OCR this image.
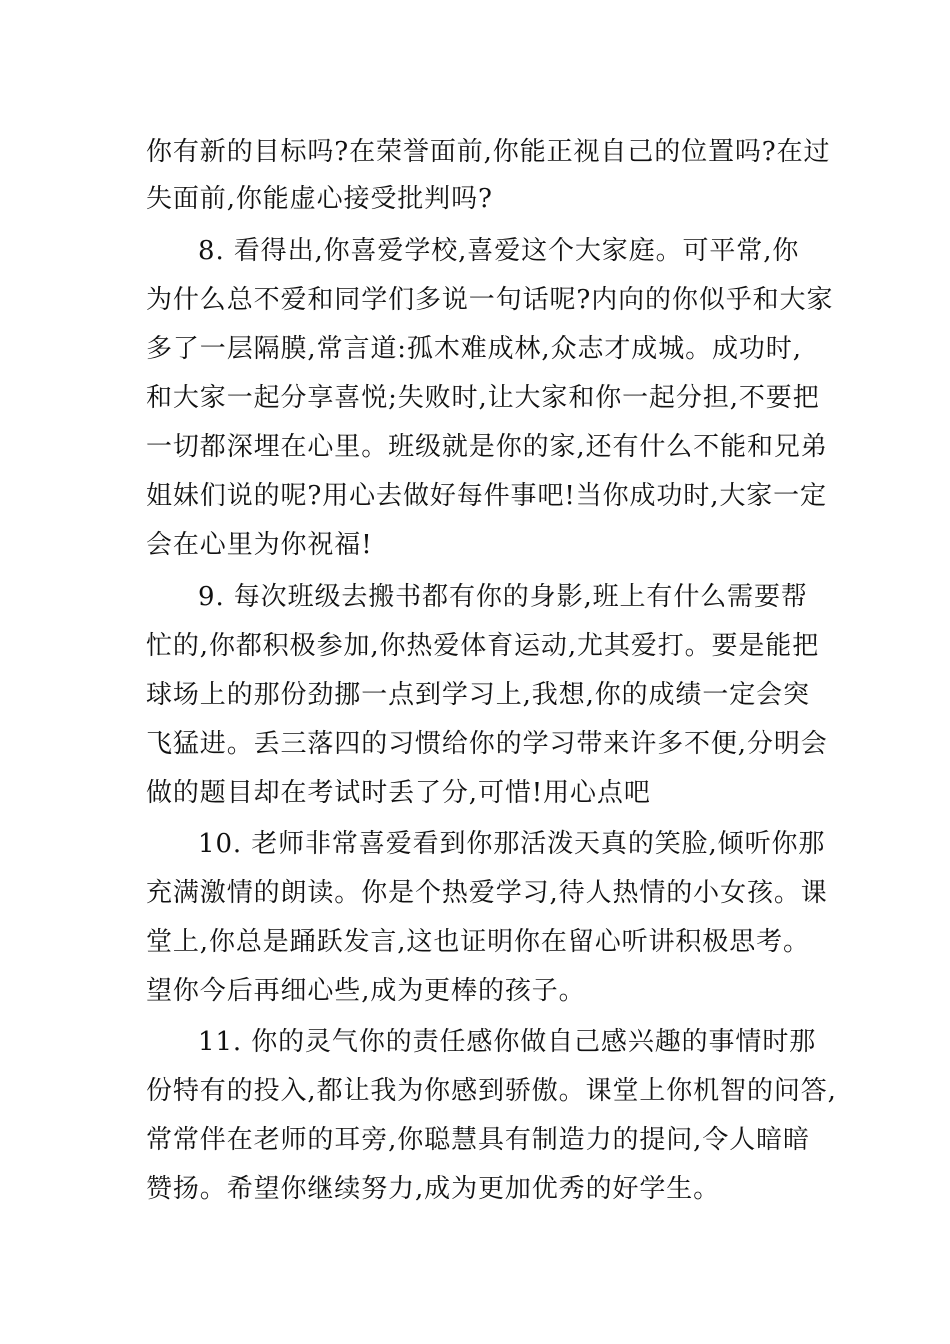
你有新的目标吗?在荣誉面前,你能正视自己的位置吗?在过
失面前,你能虚心接受批判吗?
8. 看得出,你喜爱学校,喜爱这个大家庭。可平常,你
为什么总不爱和同学们多说一句话呢?内向的你似乎和大家
多了一层隔膜,常言道:孤木难成林,众志才成城。成功时,
和大家一起分享喜悦;失败时,让大家和你一起分担,不要把
一切都深埋在心里。班级就是你的家,还有什么不能和兄弟
姐妹们说的呢?用心去做好每件事吧!当你成功时,大家一定
会在心里为你祝福!
9. 每次班级去搬书都有你的身影,班上有什么需要帮
忙的,你都积极参加,你热爱体育运动,尤其爱打。要是能把
球场上的那份劲挪一点到学习上,我想,你的成绩一定会突
飞猛进。丢三落四的习惯给你的学习带来许多不便,分明会
做的题目却在考试时丢了分,可惜!用心点吧
10. 老师非常喜爱看到你那活泼天真的笑脸,倾听你那
充满激情的朗读。你是个热爱学习,待人热情的小女孩。课
堂上,你总是踊跃发言,这也证明你在留心听讲积极思考。
望你今后再细心些,成为更棒的孩子。
11. 你的灵气你的责任感你做自己感兴趣的事情时那
份特有的投入,都让我为你感到骄傲。课堂上你机智的问答,
常常伴在老师的耳旁,你聪慧具有制造力的提问,令人暗暗
赞扬。希望你继续努力,成为更加优秀的好学生。
